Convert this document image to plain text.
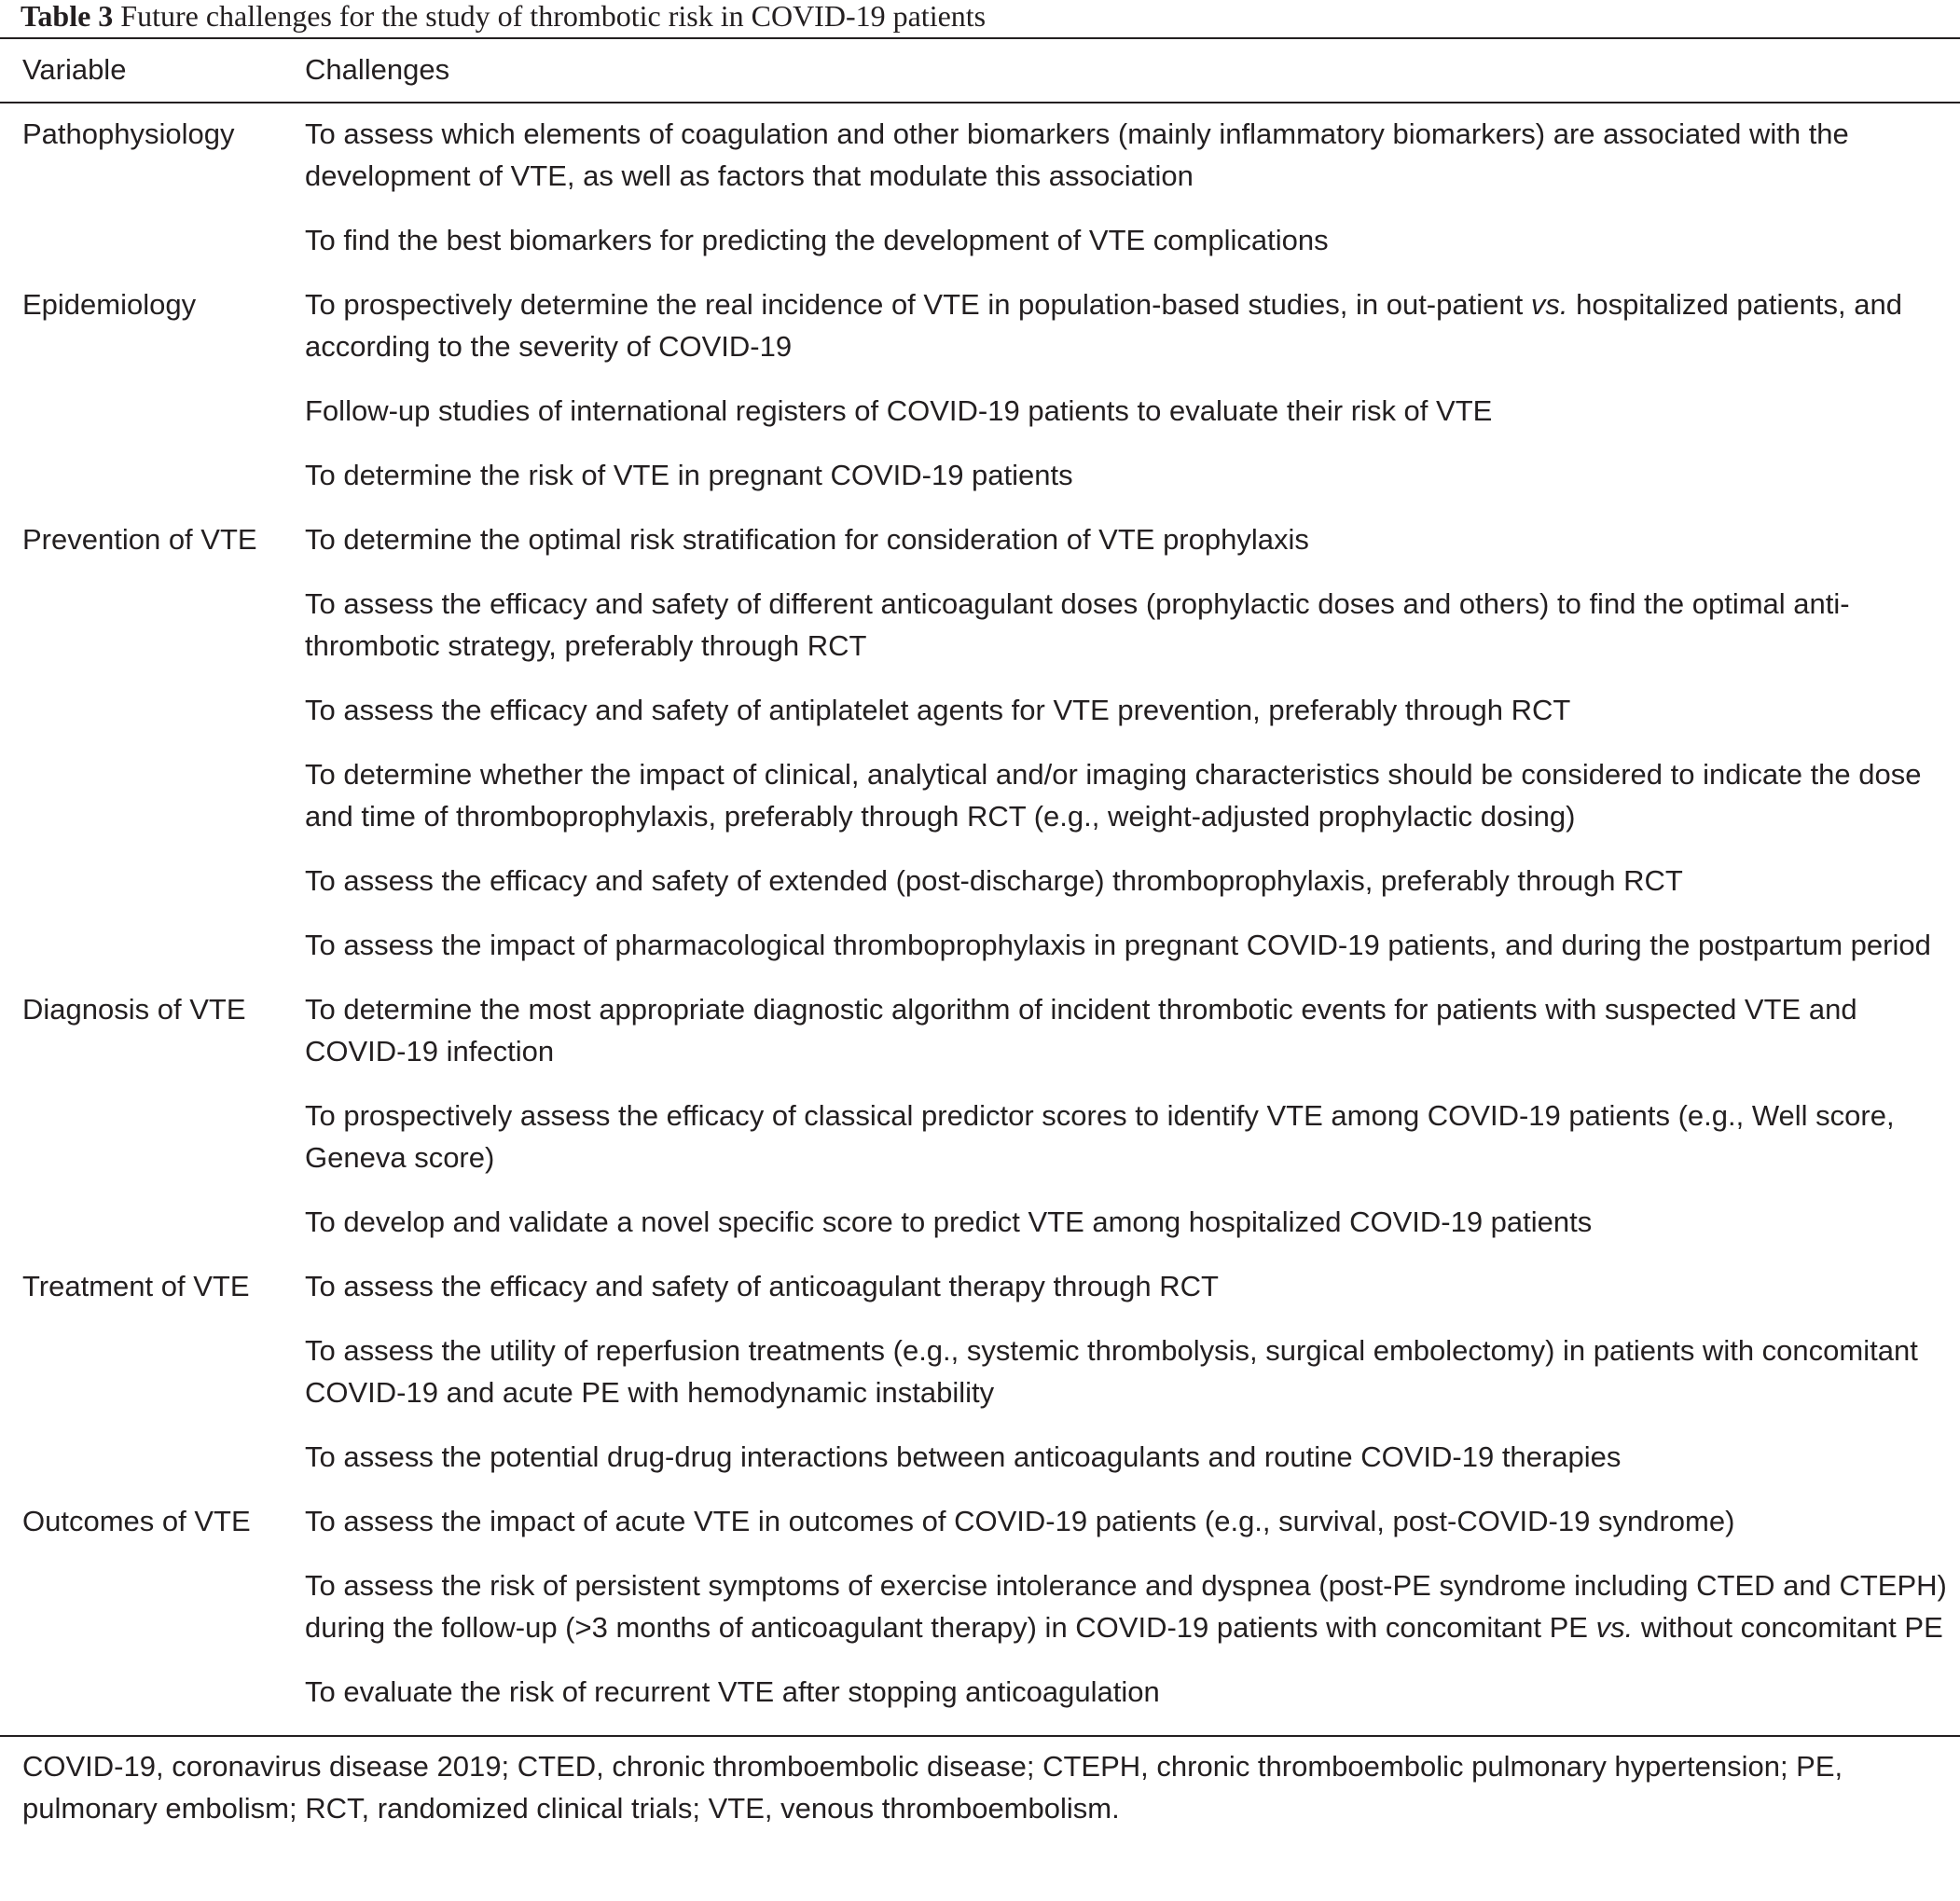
Table 3 Future challenges for the study of thrombotic risk in COVID-19 patients
Variable	Challenges
Pathophysiology	To assess which elements of coagulation and other biomarkers (mainly inflammatory biomarkers) are associated with the development of VTE, as well as factors that modulate this association
To find the best biomarkers for predicting the development of VTE complications
Epidemiology	To prospectively determine the real incidence of VTE in population-based studies, in out-patient vs. hospitalized patients, and according to the severity of COVID-19
Follow-up studies of international registers of COVID-19 patients to evaluate their risk of VTE
To determine the risk of VTE in pregnant COVID-19 patients
Prevention of VTE	To determine the optimal risk stratification for consideration of VTE prophylaxis
To assess the efficacy and safety of different anticoagulant doses (prophylactic doses and others) to find the optimal anti-thrombotic strategy, preferably through RCT
To assess the efficacy and safety of antiplatelet agents for VTE prevention, preferably through RCT
To determine whether the impact of clinical, analytical and/or imaging characteristics should be considered to indicate the dose and time of thromboprophylaxis, preferably through RCT (e.g., weight-adjusted prophylactic dosing)
To assess the efficacy and safety of extended (post-discharge) thromboprophylaxis, preferably through RCT
To assess the impact of pharmacological thromboprophylaxis in pregnant COVID-19 patients, and during the postpartum period
Diagnosis of VTE	To determine the most appropriate diagnostic algorithm of incident thrombotic events for patients with suspected VTE and COVID-19 infection
To prospectively assess the efficacy of classical predictor scores to identify VTE among COVID-19 patients (e.g., Well score, Geneva score)
To develop and validate a novel specific score to predict VTE among hospitalized COVID-19 patients
Treatment of VTE	To assess the efficacy and safety of anticoagulant therapy through RCT
To assess the utility of reperfusion treatments (e.g., systemic thrombolysis, surgical embolectomy) in patients with concomitant COVID-19 and acute PE with hemodynamic instability
To assess the potential drug-drug interactions between anticoagulants and routine COVID-19 therapies
Outcomes of VTE	To assess the impact of acute VTE in outcomes of COVID-19 patients (e.g., survival, post-COVID-19 syndrome)
To assess the risk of persistent symptoms of exercise intolerance and dyspnea (post-PE syndrome including CTED and CTEPH) during the follow-up (>3 months of anticoagulant therapy) in COVID-19 patients with concomitant PE vs. without concomitant PE
To evaluate the risk of recurrent VTE after stopping anticoagulation
COVID-19, coronavirus disease 2019; CTED, chronic thromboembolic disease; CTEPH, chronic thromboembolic pulmonary hypertension; PE, pulmonary embolism; RCT, randomized clinical trials; VTE, venous thromboembolism.
